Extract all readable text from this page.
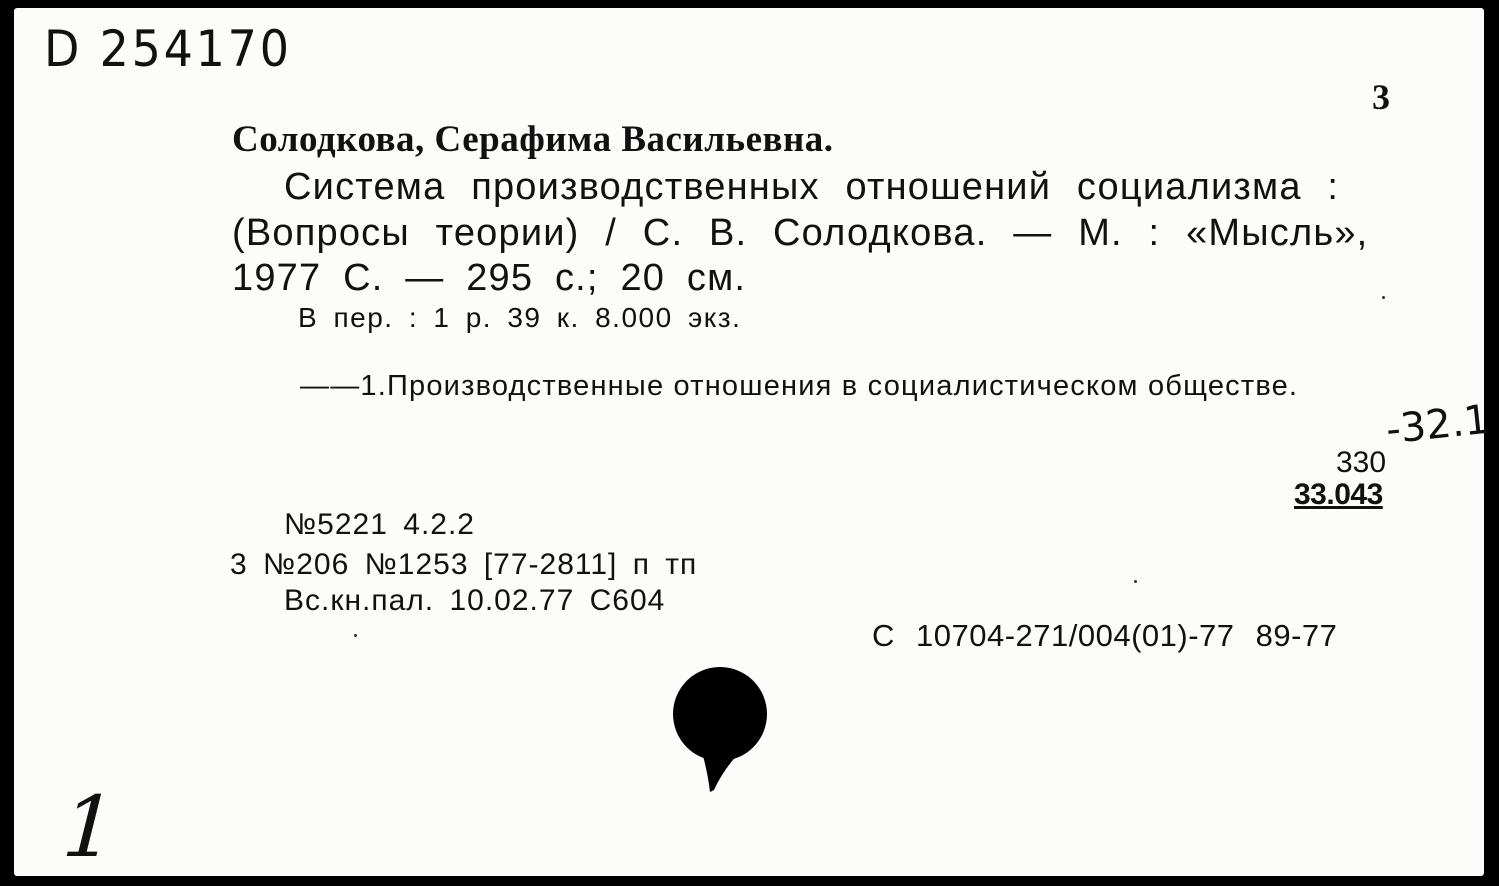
D 254170
3
Солодкова, Серафима Васильевна.
Система производственных отношений социализма :
(Вопросы теории) / С. В. Солодкова. — М. : «Мысль»,
1977 С. — 295 с.; 20 см.
В пер. : 1 р. 39 к. 8.000 экз.
——1.Производственные отношения в социалистическом обществе.
-32.1
330
33.043
№5221 4.2.2
3 №206 №1253 [77-2811] п тп
Вс.кн.пал. 10.02.77 С604
С 10704-271/004(01)-77 89-77
1
